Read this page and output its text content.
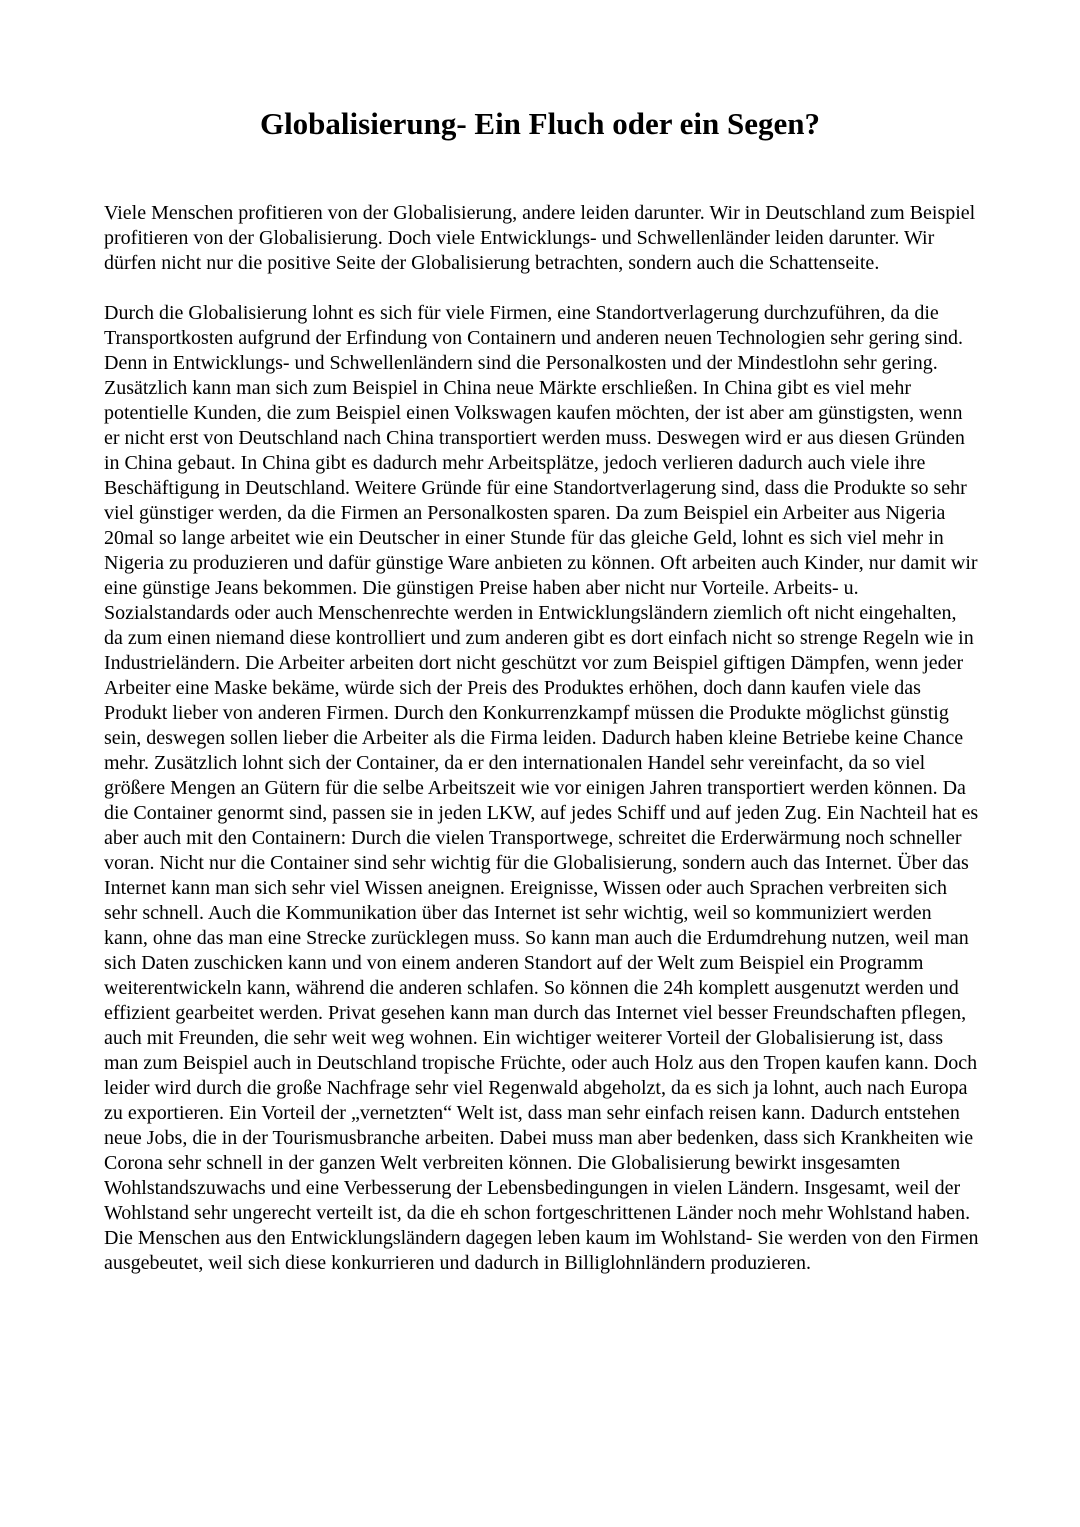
Globalisierung- Ein Fluch oder ein Segen?

Viele Menschen profitieren von der Globalisierung, andere leiden darunter. Wir in Deutschland zum Beispiel profitieren von der Globalisierung. Doch viele Entwicklungs- und Schwellenländer leiden darunter. Wir dürfen nicht nur die positive Seite der Globalisierung betrachten, sondern auch die Schattenseite.

Durch die Globalisierung lohnt es sich für viele Firmen, eine Standortverlagerung durchzuführen, da die Transportkosten aufgrund der Erfindung von Containern und anderen neuen Technologien sehr gering sind. Denn in Entwicklungs- und Schwellenländern sind die Personalkosten und der Mindestlohn sehr gering. Zusätzlich kann man sich zum Beispiel in China neue Märkte erschließen. In China gibt es viel mehr potentielle Kunden, die zum Beispiel einen Volkswagen kaufen möchten, der ist aber am günstigsten, wenn er nicht erst von Deutschland nach China transportiert werden muss. Deswegen wird er aus diesen Gründen in China gebaut. In China gibt es dadurch mehr Arbeitsplätze, jedoch verlieren dadurch auch viele ihre Beschäftigung in Deutschland. Weitere Gründe für eine Standortverlagerung sind, dass die Produkte so sehr viel günstiger werden, da die Firmen an Personalkosten sparen. Da zum Beispiel ein Arbeiter aus Nigeria 20mal so lange arbeitet wie ein Deutscher in einer Stunde für das gleiche Geld, lohnt es sich viel mehr in Nigeria zu produzieren und dafür günstige Ware anbieten zu können. Oft arbeiten auch Kinder, nur damit wir eine günstige Jeans bekommen. Die günstigen Preise haben aber nicht nur Vorteile. Arbeits- u. Sozialstandards oder auch Menschenrechte werden in Entwicklungsländern ziemlich oft nicht eingehalten, da zum einen niemand diese kontrolliert und zum anderen gibt es dort einfach nicht so strenge Regeln wie in Industrieländern. Die Arbeiter arbeiten dort nicht geschützt vor zum Beispiel giftigen Dämpfen, wenn jeder Arbeiter eine Maske bekäme, würde sich der Preis des Produktes erhöhen, doch dann kaufen viele das Produkt lieber von anderen Firmen. Durch den Konkurrenzkampf müssen die Produkte möglichst günstig sein, deswegen sollen lieber die Arbeiter als die Firma leiden. Dadurch haben kleine Betriebe keine Chance mehr. Zusätzlich lohnt sich der Container, da er den internationalen Handel sehr vereinfacht, da so viel größere Mengen an Gütern für die selbe Arbeitszeit wie vor einigen Jahren transportiert werden können. Da die Container genormt sind, passen sie in jeden LKW, auf jedes Schiff und auf jeden Zug. Ein Nachteil hat es aber auch mit den Containern: Durch die vielen Transportwege, schreitet die Erderwärmung noch schneller voran. Nicht nur die Container sind sehr wichtig für die Globalisierung, sondern auch das Internet. Über das Internet kann man sich sehr viel Wissen aneignen. Ereignisse, Wissen oder auch Sprachen verbreiten sich sehr schnell. Auch die Kommunikation über das Internet ist sehr wichtig, weil so kommuniziert werden kann, ohne das man eine Strecke zurücklegen muss. So kann man auch die Erdumdrehung nutzen, weil man sich Daten zuschicken kann und von einem anderen Standort auf der Welt zum Beispiel ein Programm weiterentwickeln kann, während die anderen schlafen. So können die 24h komplett ausgenutzt werden und effizient gearbeitet werden. Privat gesehen kann man durch das Internet viel besser Freundschaften pflegen, auch mit Freunden, die sehr weit weg wohnen. Ein wichtiger weiterer Vorteil der Globalisierung ist, dass man zum Beispiel auch in Deutschland tropische Früchte, oder auch Holz aus den Tropen kaufen kann. Doch leider wird durch die große Nachfrage sehr viel Regenwald abgeholzt, da es sich ja lohnt, auch nach Europa zu exportieren. Ein Vorteil der „vernetzten“ Welt ist, dass man sehr einfach reisen kann. Dadurch entstehen neue Jobs, die in der Tourismusbranche arbeiten. Dabei muss man aber bedenken, dass sich Krankheiten wie Corona sehr schnell in der ganzen Welt verbreiten können. Die Globalisierung bewirkt insgesamten Wohlstandszuwachs und eine Verbesserung der Lebensbedingungen in vielen Ländern. Insgesamt, weil der Wohlstand sehr ungerecht verteilt ist, da die eh schon fortgeschrittenen Länder noch mehr Wohlstand haben. Die Menschen aus den Entwicklungsländern dagegen leben kaum im Wohlstand- Sie werden von den Firmen ausgebeutet, weil sich diese konkurrieren und dadurch in Billiglohnländern produzieren.
